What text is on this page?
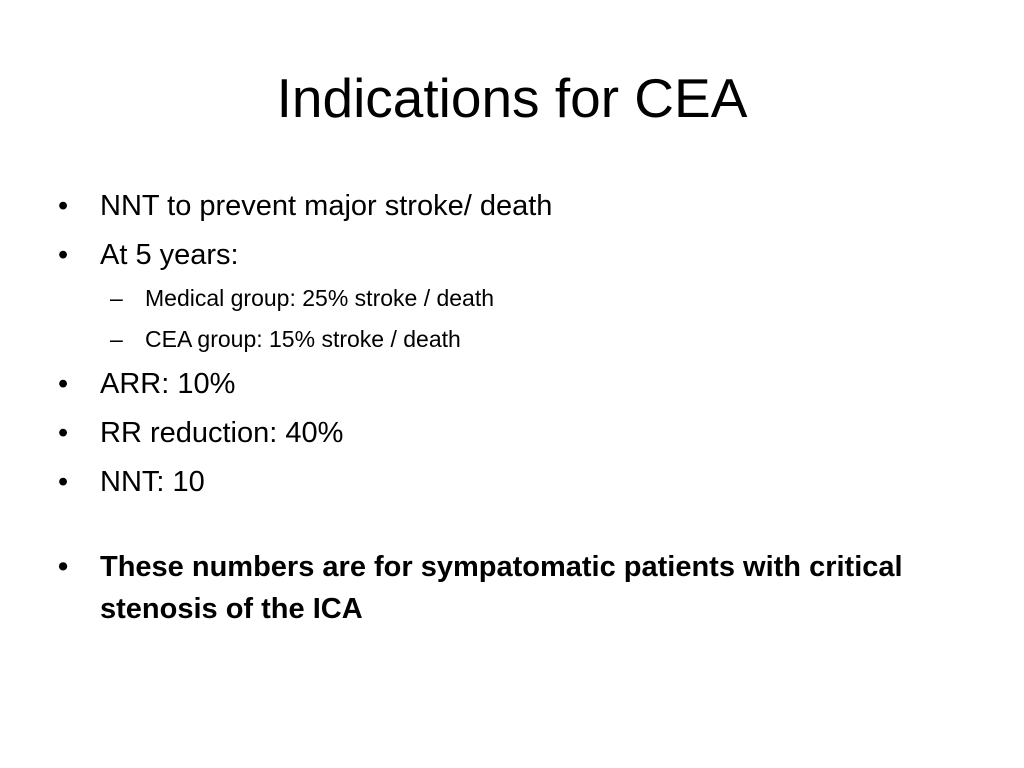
Indications for CEA
•	NNT to prevent major stroke/ death
•	At 5 years:
– Medical group: 25% stroke / death
– CEA group: 15% stroke / death
•	ARR: 10%
•	RR reduction: 40%
•	NNT: 10
•	These numbers are for sympatomatic patients with critical stenosis of the ICA
